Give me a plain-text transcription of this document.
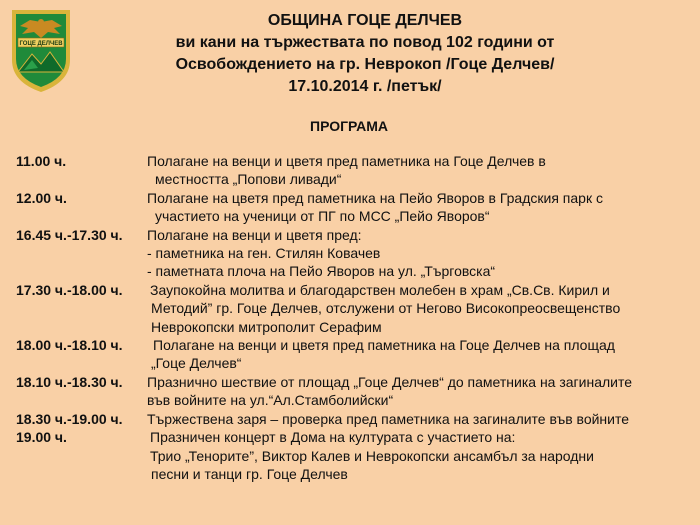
ГОЦЕ ДЕЛЧЕВ
ОБЩИНА ГОЦЕ ДЕЛЧЕВ
ви кани на тържествата по повод 102 години от
Освобождението на гр. Неврокоп /Гоце Делчев/
17.10.2014 г. /петък/
ПРОГРАМА
11.00 ч.	Полагане на венци и цветя пред паметника на Гоце Делчев в
местността „Попови ливади“
12.00 ч.	Полагане на цветя пред паметника на Пейо Яворов в Градския парк с
участието на ученици от ПГ по МСС „Пейо Яворов“
16.45 ч.-17.30 ч.	Полагане на венци и цветя пред:
- паметника на ген. Стилян Ковачев
- паметната плоча на Пейо Яворов на ул. „Търговска“
17.30 ч.-18.00 ч.	Заупокойна молитва и благодарствен молебен в храм „Св.Св. Кирил и
Методий” гр. Гоце Делчев, отслужени от Негово Високопреосвещенство
Неврокопски митрополит Серафим
18.00 ч.-18.10 ч.	Полагане на венци и цветя пред паметника на Гоце Делчев на площад
„Гоце Делчев“
18.10 ч.-18.30 ч.	Празнично шествие от площад „Гоце Делчев“ до паметника на загиналите
във войните на ул.“Ал.Стамболийски“
18.30 ч.-19.00 ч.	Тържествена заря – проверка пред паметника на загиналите във войните
19.00 ч.	Празничен концерт в Дома на културата с участието на:
Трио „Тенорите”, Виктор Калев и Неврокопски ансамбъл за народни
песни и танци гр. Гоце Делчев
